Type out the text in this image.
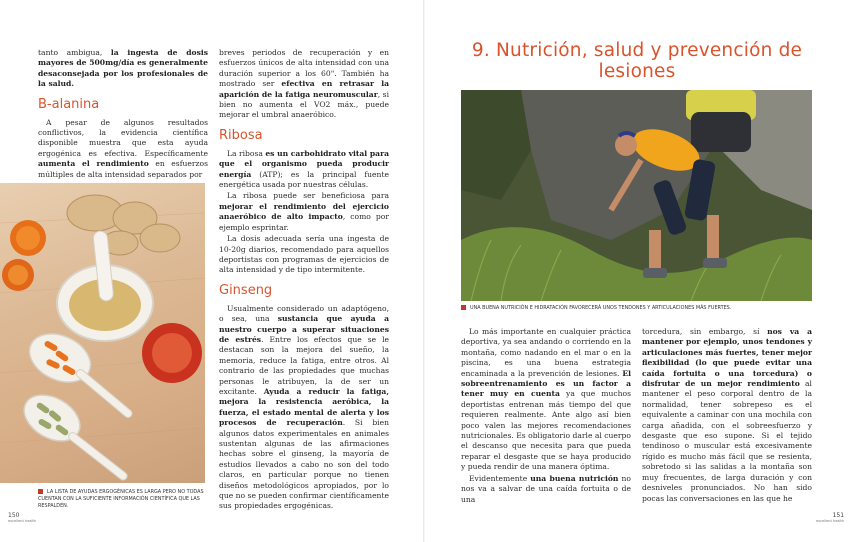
tanto ambigua, la ingesta de dosis mayores de 500mg/día es generalmente desaconsejada por los profesionales de la salud.

B-alanina

A pesar de algunos resultados conflictivos, la evidencia científica disponible muestra que esta ayuda ergogénica es efectiva. Específicamente aumenta el rendimiento en esfuerzos múltiples de alta intensidad separados por

breves periodos de recuperación y en esfuerzos únicos de alta intensidad con una duración superior a los 60". También ha mostrado ser efectiva en retrasar la aparición de la fatiga neuromuscular, si bien no aumenta el VO2 máx., puede mejorar el umbral anaeróbico.

Ribosa

La ribosa es un carbohidrato vital para que el organismo pueda producir energía (ATP); es la principal fuente energética usada por nuestras células.

La ribosa puede ser beneficiosa para mejorar el rendimiento del ejercicio anaeróbico de alto impacto, como por ejemplo esprintar.

La dosis adecuada sería una ingesta de 10-20g diarios, recomendado para aquellos deportistas con programas de ejercicios de alta intensidad y de tipo intermitente.

Ginseng

Usualmente considerado un adaptógeno, o sea, una sustancia que ayuda a nuestro cuerpo a superar situaciones de estrés. Entre los efectos que se le destacan son la mejora del sueño, la memoria, reduce la fatiga, entre otros. Al contrario de las propiedades que muchas personas le atribuyen, la de ser un excitante. Ayuda a reducir la fatiga, mejora la resistencia aeróbica, la fuerza, el estado mental de alerta y los procesos de recuperación. Si bien algunos datos experimentales en animales sustentan algunas de las afirmaciones hechas sobre el ginseng, la mayoría de estudios llevados a cabo no son del todo claros, en particular porque no tienen diseños metodológicos apropiados, por lo que no se pueden confirmar científicamente sus propiedades ergogénicas.

LA LISTA DE AYUDAS ERGOGÉNICAS ES LARGA PERO NO TODAS CUENTAN CON LA SUFICIENTE INFORMACIÓN CIENTÍFICA QUE LAS RESPALDEN.
150
excellent health
9. Nutrición, salud y prevención de lesiones
UNA BUENA NUTRICIÓN E HIDRATACIÓN FAVORECERÁ UNOS TENDONES Y ARTICULACIONES MÁS FUERTES.

Lo más importante en cualquier práctica deportiva, ya sea andando o corriendo en la montaña, como nadando en el mar o en la piscina, es una buena estrategia encaminada a la prevención de lesiones. El sobreentrenamiento es un factor a tener muy en cuenta ya que muchos deportistas entrenan más tiempo del que requieren realmente. Ante algo así bien poco valen las mejores recomendaciones nutricionales. Es obligatorio darle al cuerpo el descanso que necesita para que pueda reparar el desgaste que se haya producido y pueda rendir de una manera óptima.

Evidentemente una buena nutrición no nos va a salvar de una caída fortuita o de una

torcedura, sin embargo, sí nos va a mantener por ejemplo, unos tendones y articulaciones más fuertes, tener mejor flexibilidad (lo que puede evitar una caída fortuita o una torcedura) o disfrutar de un mejor rendimiento al mantener el peso corporal dentro de la normalidad, tener sobrepeso es el equivalente a caminar con una mochila con carga añadida, con el sobreesfuerzo y desgaste que eso supone. Si el tejido tendinoso o muscular está excesivamente rígido es mucho más fácil que se resienta, sobretodo si las salidas a la montaña son muy frecuentes, de larga duración y con desniveles pronunciados. No han sido pocas las conversaciones en las que he

151
excellent health
